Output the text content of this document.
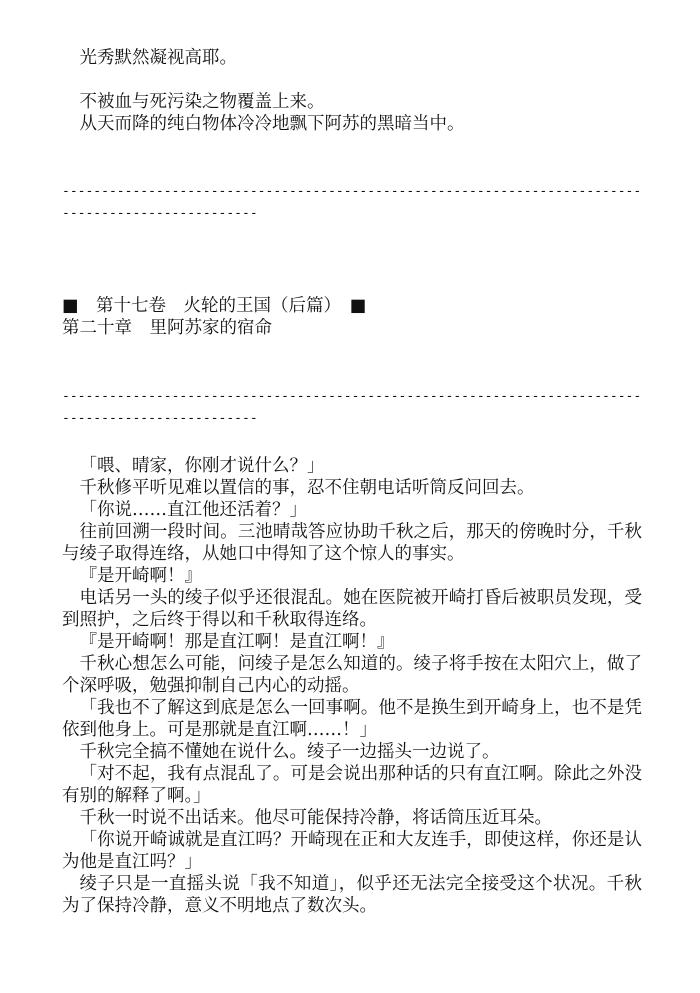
光秀默然凝视高耶。
不被血与死污染之物覆盖上来。
从天而降的纯白物体冷冷地飘下阿苏的黑暗当中。
---------------------------------------------------------------------------------------------------
■　第十七卷　火轮的王国（后篇）　■
第二十章　里阿苏家的宿命
---------------------------------------------------------------------------------------------------
「喂、晴家，你刚才说什么？」
千秋修平听见难以置信的事，忍不住朝电话听筒反问回去。
「你说……直江他还活着？」
往前回溯一段时间。三池晴哉答应协助千秋之后，那天的傍晚时分，千秋与绫子取得连络，从她口中得知了这个惊人的事实。
『是开崎啊！』
电话另一头的绫子似乎还很混乱。她在医院被开崎打昏后被职员发现，受到照护，之后终于得以和千秋取得连络。
『是开崎啊！那是直江啊！是直江啊！』
千秋心想怎么可能，问绫子是怎么知道的。绫子将手按在太阳穴上，做了个深呼吸，勉强抑制自己内心的动摇。
「我也不了解这到底是怎么一回事啊。他不是换生到开崎身上，也不是凭依到他身上。可是那就是直江啊……！」
千秋完全搞不懂她在说什么。绫子一边摇头一边说了。
「对不起，我有点混乱了。可是会说出那种话的只有直江啊。除此之外没有别的解释了啊。」
千秋一时说不出话来。他尽可能保持冷静，将话筒压近耳朵。
「你说开崎诚就是直江吗？开崎现在正和大友连手，即使这样，你还是认为他是直江吗？」
绫子只是一直摇头说「我不知道」，似乎还无法完全接受这个状况。千秋为了保持冷静，意义不明地点了数次头。
